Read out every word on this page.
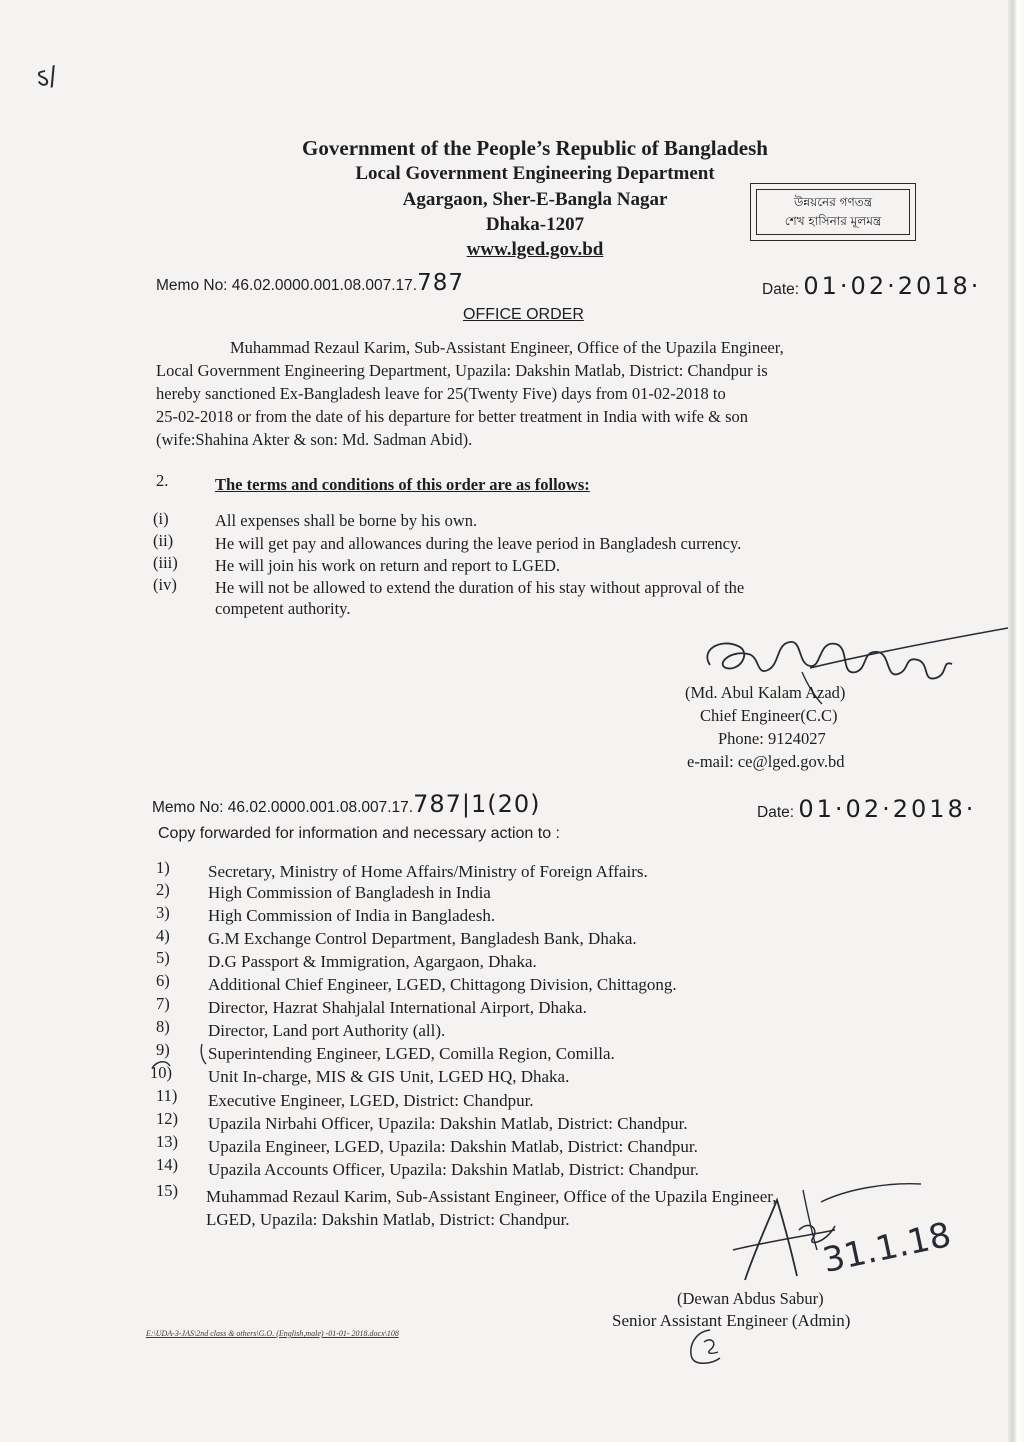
ऽ/
Government of the People’s Republic of Bangladesh
Local Government Engineering Department
Agargaon, Sher-E-Bangla Nagar
Dhaka-1207
www.lged.gov.bd
উন্নয়নের গণতন্ত্র
শেখ হাসিনার মূলমন্ত্র
Memo No: 46.02.0000.001.08.007.17.787	Date: 01·02·2018·
OFFICE ORDER
Muhammad Rezaul Karim, Sub-Assistant Engineer, Office of the Upazila Engineer,
Local Government Engineering Department, Upazila: Dakshin Matlab, District: Chandpur is
hereby sanctioned Ex-Bangladesh leave for 25(Twenty Five) days from 01-02-2018 to
25-02-2018 or from the date of his departure for better treatment in India with wife & son
(wife:Shahina Akter & son: Md. Sadman Abid).
2.	The terms and conditions of this order are as follows:
(i)	All expenses shall be borne by his own.
(ii)	He will get pay and allowances during the leave period in Bangladesh currency.
(iii) He will join his work on return and report to LGED.
(iv) He will not be allowed to extend the duration of his stay without approval of the
competent authority.
(Md. Abul Kalam Azad)
Chief Engineer(C.C)
Phone: 9124027
e-mail: ce@lged.gov.bd
Memo No: 46.02.0000.001.08.007.17.787|1(20)	Date: 01·02·2018·
Copy forwarded for information and necessary action to :
1) Secretary, Ministry of Home Affairs/Ministry of Foreign Affairs.
2) High Commission of Bangladesh in India
3) High Commission of India in Bangladesh.
4) G.M Exchange Control Department, Bangladesh Bank, Dhaka.
5) D.G Passport & Immigration, Agargaon, Dhaka.
6) Additional Chief Engineer, LGED, Chittagong Division, Chittagong.
7) Director, Hazrat Shahjalal International Airport, Dhaka.
8) Director, Land port Authority (all).
9) Superintending Engineer, LGED, Comilla Region, Comilla.
10) Unit In-charge, MIS & GIS Unit, LGED HQ, Dhaka.
11) Executive Engineer, LGED, District: Chandpur.
12) Upazila Nirbahi Officer, Upazila: Dakshin Matlab, District: Chandpur.
13) Upazila Engineer, LGED, Upazila: Dakshin Matlab, District: Chandpur.
14) Upazila Accounts Officer, Upazila: Dakshin Matlab, District: Chandpur.
15) Muhammad Rezaul Karim, Sub-Assistant Engineer, Office of the Upazila Engineer,
LGED, Upazila: Dakshin Matlab, District: Chandpur.	31.1.18
(Dewan Abdus Sabur)
Senior Assistant Engineer (Admin)
E:\UDA-3-JAS\2nd class & others\G.O. (English,male) -01-01- 2018.docx\108
